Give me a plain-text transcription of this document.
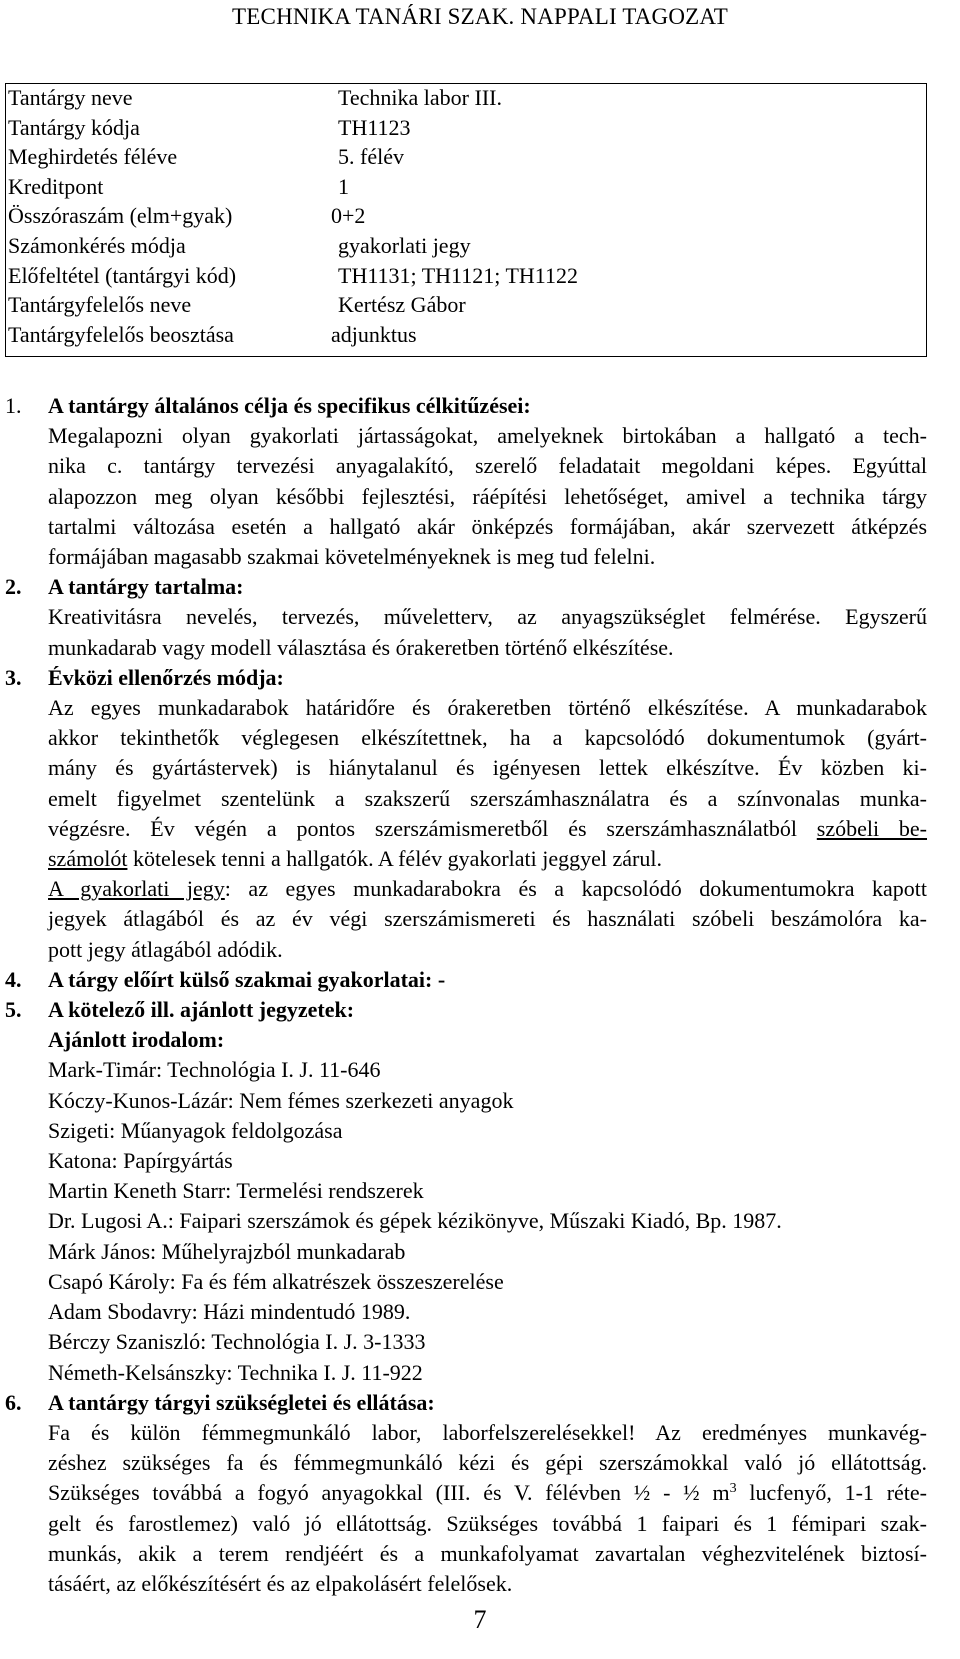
TECHNIKA TANÁRI SZAK. NAPPALI TAGOZAT
Tantárgy neve	Technika labor III.
Tantárgy kódja	TH1123
Meghirdetés féléve	5. félév
Kreditpont	1
Összóraszám (elm+gyak)	0+2
Számonkérés módja	gyakorlati jegy
Előfeltétel (tantárgyi kód)	TH1131; TH1121; TH1122
Tantárgyfelelős neve	Kertész Gábor
Tantárgyfelelős beosztása	adjunktus
1. A tantárgy általános célja és specifikus célkitűzései:
Megalapozni olyan gyakorlati jártasságokat, amelyeknek birtokában a hallgató a tech-
nika c. tantárgy tervezési anyagalakító, szerelő feladatait megoldani képes. Egyúttal
alapozzon meg olyan későbbi fejlesztési, ráépítési lehetőséget, amivel a technika tárgy
tartalmi változása esetén a hallgató akár önképzés formájában, akár szervezett átképzés
formájában magasabb szakmai követelményeknek is meg tud felelni.
2. A tantárgy tartalma:
Kreativitásra nevelés, tervezés, műveletterv, az anyagszükséglet felmérése. Egyszerű
munkadarab vagy modell választása és órakeretben történő elkészítése.
3. Évközi ellenőrzés módja:
Az egyes munkadarabok határidőre és órakeretben történő elkészítése. A munkadarabok
akkor tekinthetők véglegesen elkészítettnek, ha a kapcsolódó dokumentumok (gyárt-
mány és gyártástervek) is hiánytalanul és igényesen lettek elkészítve. Év közben ki-
emelt figyelmet szentelünk a szakszerű szerszámhasználatra és a színvonalas munka-
végzésre. Év végén a pontos szerszámismeretből és szerszámhasználatból szóbeli be-
számolót kötelesek tenni a hallgatók. A félév gyakorlati jeggyel zárul.
A gyakorlati jegy: az egyes munkadarabokra és a kapcsolódó dokumentumokra kapott
jegyek átlagából és az év végi szerszámismereti és használati szóbeli beszámolóra ka-
pott jegy átlagából adódik.
4. A tárgy előírt külső szakmai gyakorlatai: -
5. A kötelező ill. ajánlott jegyzetek:
Ajánlott irodalom:
Mark-Timár: Technológia I. J. 11-646
Kóczy-Kunos-Lázár: Nem fémes szerkezeti anyagok
Szigeti: Műanyagok feldolgozása
Katona: Papírgyártás
Martin Keneth Starr: Termelési rendszerek
Dr. Lugosi A.: Faipari szerszámok és gépek kézikönyve, Műszaki Kiadó, Bp. 1987.
Márk János: Műhelyrajzból munkadarab
Csapó Károly: Fa és fém alkatrészek összeszerelése
Adam Sbodavry: Házi mindentudó 1989.
Bérczy Szaniszló: Technológia I. J. 3-1333
Németh-Kelsánszky: Technika I. J. 11-922
6. A tantárgy tárgyi szükségletei és ellátása:
Fa és külön fémmegmunkáló labor, laborfelszerelésekkel! Az eredményes munkavég-
zéshez szükséges fa és fémmegmunkáló kézi és gépi szerszámokkal való jó ellátottság.
Szükséges továbbá a fogyó anyagokkal (III. és V. félévben ½ - ½ $m^3$ lucfenyő, 1-1 réte-
gelt és farostlemez) való jó ellátottság. Szükséges továbbá 1 faipari és 1 fémipari szak-
munkás, akik a terem rendjéért és a munkafolyamat zavartalan véghezvitelének biztosí-
tásáért, az előkészítésért és az elpakolásért felelősek.
7
